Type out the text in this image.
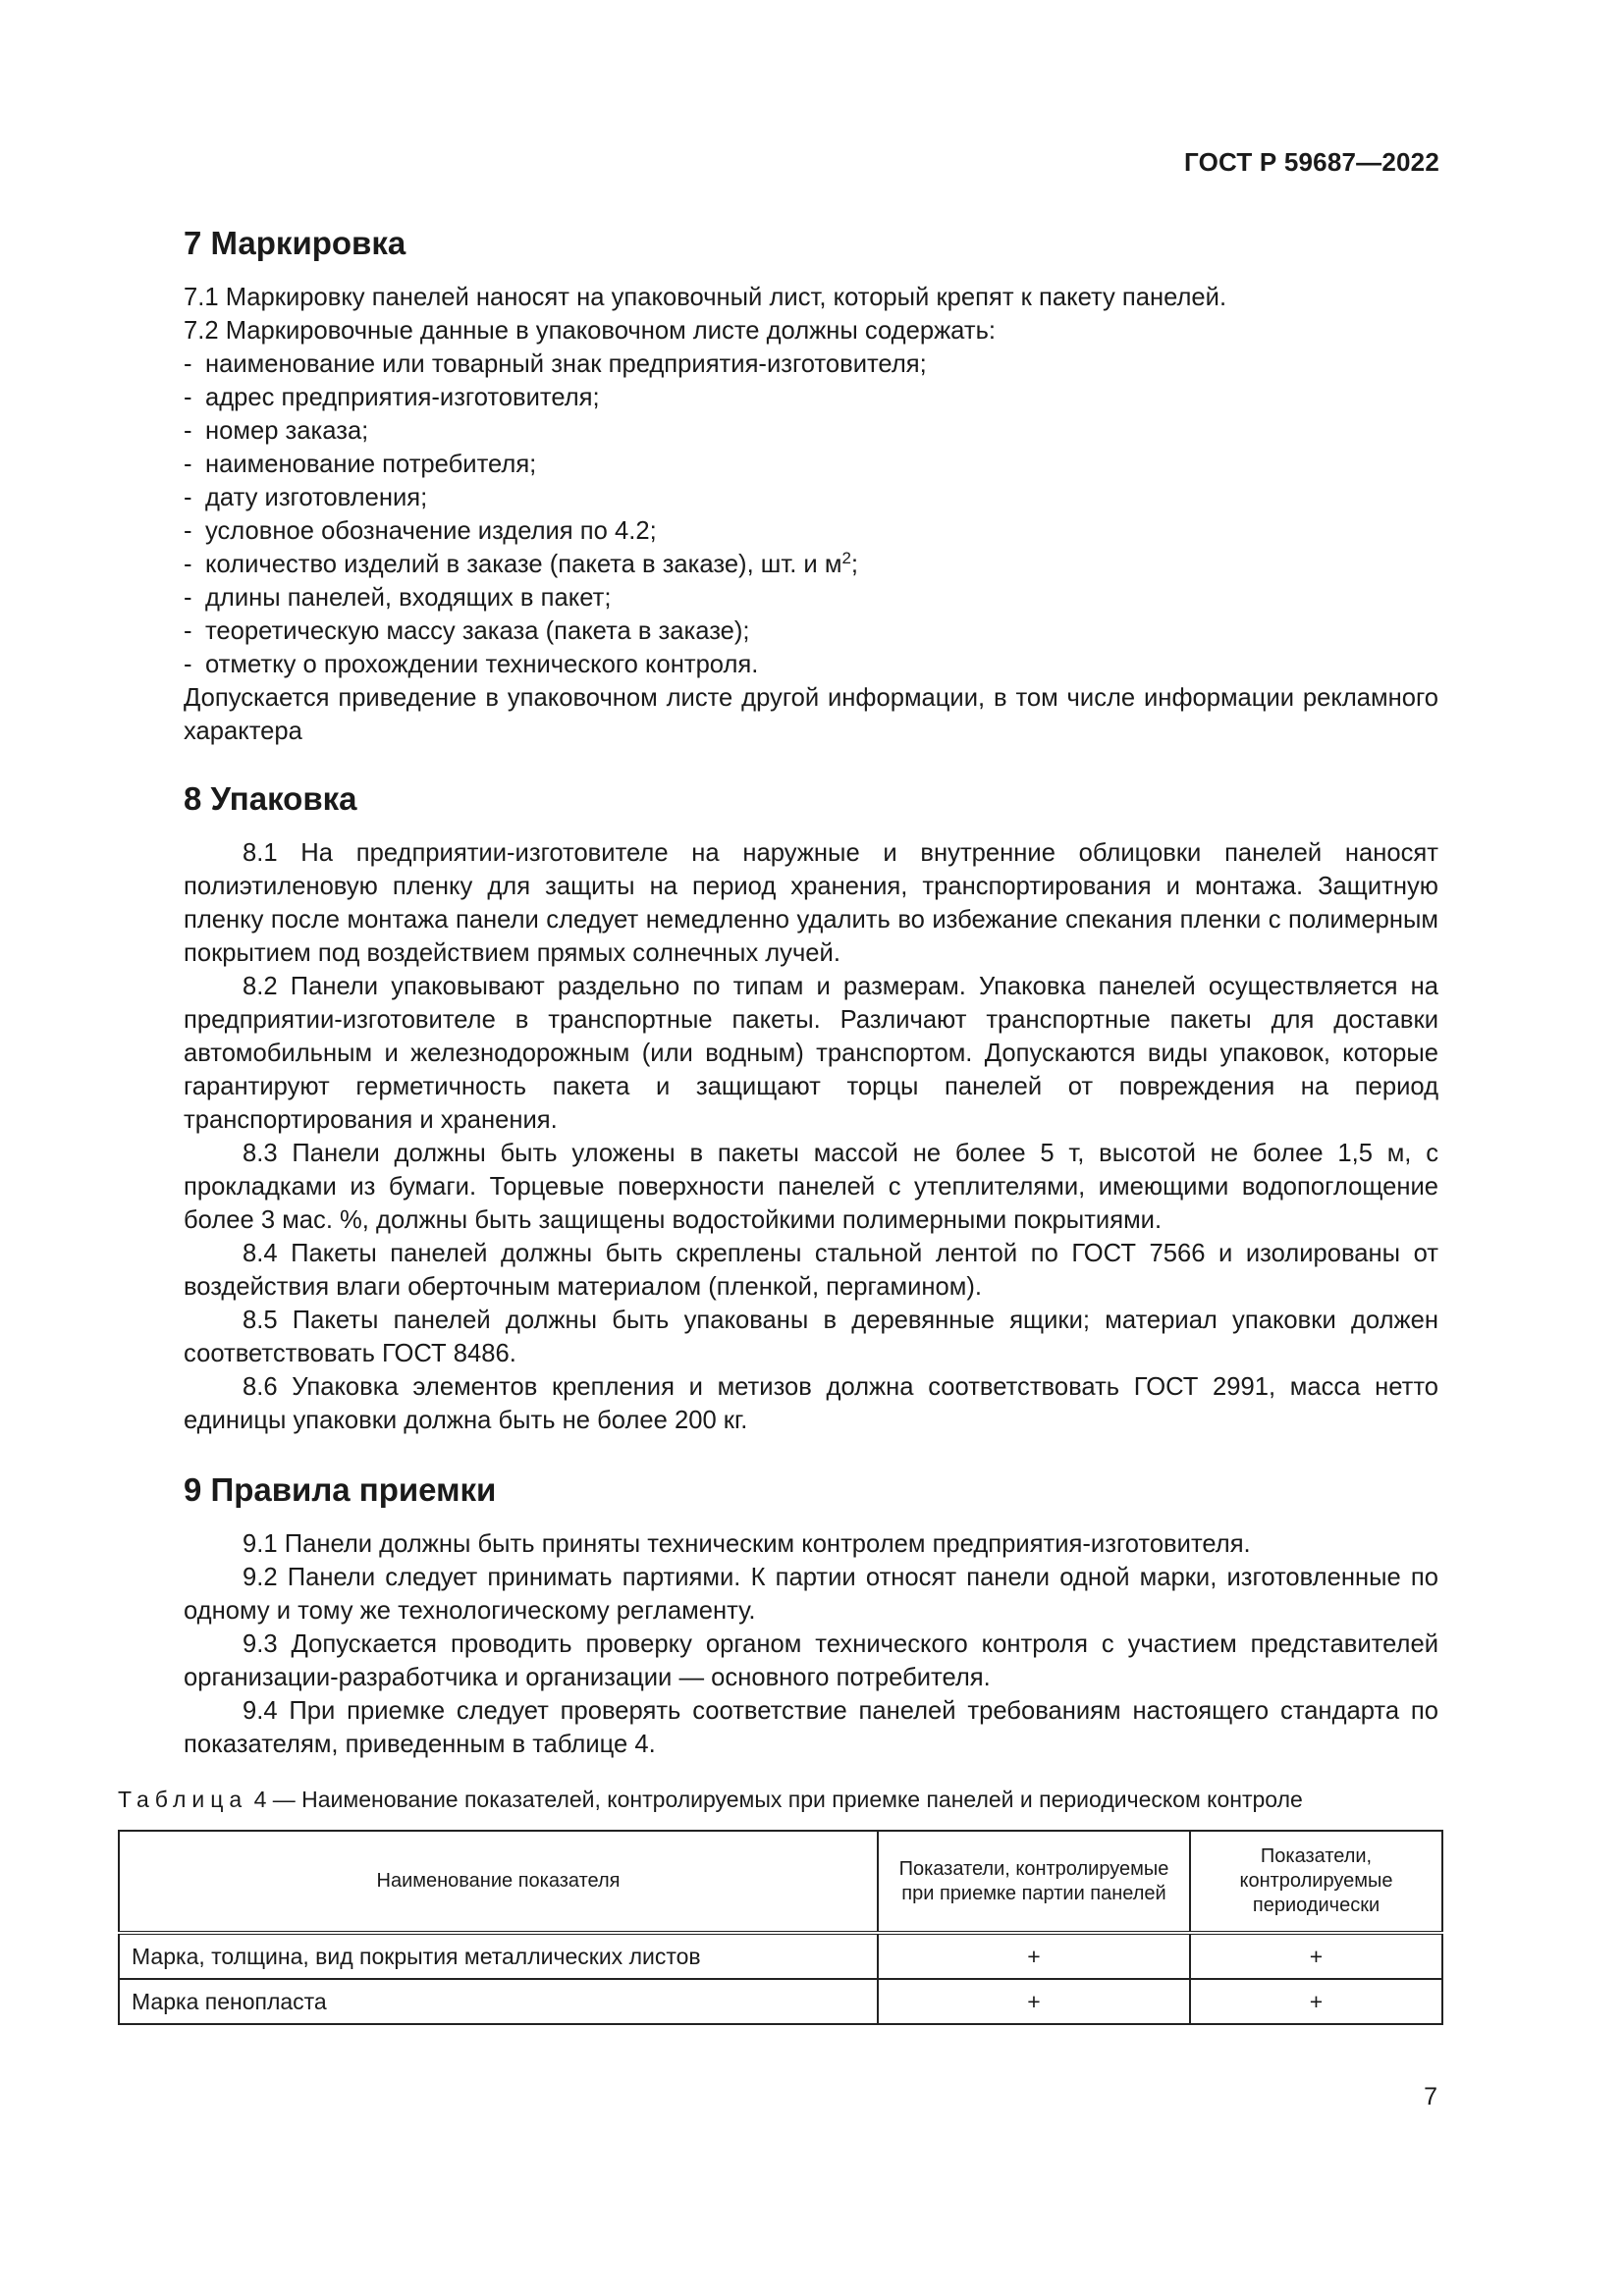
ГОСТ Р 59687—2022
7 Маркировка

7.1 Маркировку панелей наносят на упаковочный лист, который крепят к пакету панелей.

7.2 Маркировочные данные в упаковочном листе должны содержать:

- наименование или товарный знак предприятия-изготовителя;
- адрес предприятия-изготовителя;
- номер заказа;
- наименование потребителя;
- дату изготовления;
- условное обозначение изделия по 4.2;
- количество изделий в заказе (пакета в заказе), шт. и $м^2$;
- длины панелей, входящих в пакет;
- теоретическую массу заказа (пакета в заказе);
- отметку о прохождении технического контроля.

Допускается приведение в упаковочном листе другой информации, в том числе информации рекламного характера

8 Упаковка

8.1 На предприятии-изготовителе на наружные и внутренние облицовки панелей наносят полиэтиленовую пленку для защиты на период хранения, транспортирования и монтажа. Защитную пленку после монтажа панели следует немедленно удалить во избежание спекания пленки с полимерным покрытием под воздействием прямых солнечных лучей.

8.2 Панели упаковывают раздельно по типам и размерам. Упаковка панелей осуществляется на предприятии-изготовителе в транспортные пакеты. Различают транспортные пакеты для доставки автомобильным и железнодорожным (или водным) транспортом. Допускаются виды упаковок, которые гарантируют герметичность пакета и защищают торцы панелей от повреждения на период транспортирования и хранения.

8.3 Панели должны быть уложены в пакеты массой не более 5 т, высотой не более 1,5 м, с прокладками из бумаги. Торцевые поверхности панелей с утеплителями, имеющими водопоглощение более 3 мас. %, должны быть защищены водостойкими полимерными покрытиями.

8.4 Пакеты панелей должны быть скреплены стальной лентой по ГОСТ 7566 и изолированы от воздействия влаги оберточным материалом (пленкой, пергамином).

8.5 Пакеты панелей должны быть упакованы в деревянные ящики; материал упаковки должен соответствовать ГОСТ 8486.

8.6 Упаковка элементов крепления и метизов должна соответствовать ГОСТ 2991, масса нетто единицы упаковки должна быть не более 200 кг.

9 Правила приемки

9.1 Панели должны быть приняты техническим контролем предприятия-изготовителя.

9.2 Панели следует принимать партиями. К партии относят панели одной марки, изготовленные по одному и тому же технологическому регламенту.

9.3 Допускается проводить проверку органом технического контроля с участием представителей организации-разработчика и организации — основного потребителя.

9.4 При приемке следует проверять соответствие панелей требованиям настоящего стандарта по показателям, приведенным в таблице 4.

Таблица 4 — Наименование показателей, контролируемых при приемке панелей и периодическом контроле
Наименование показателя	Показатели, контролируемые при приемке партии панелей	Показатели, контролируемые периодически
Марка, толщина, вид покрытия металлических листов	+	+
Марка пенопласта	+	+
7
